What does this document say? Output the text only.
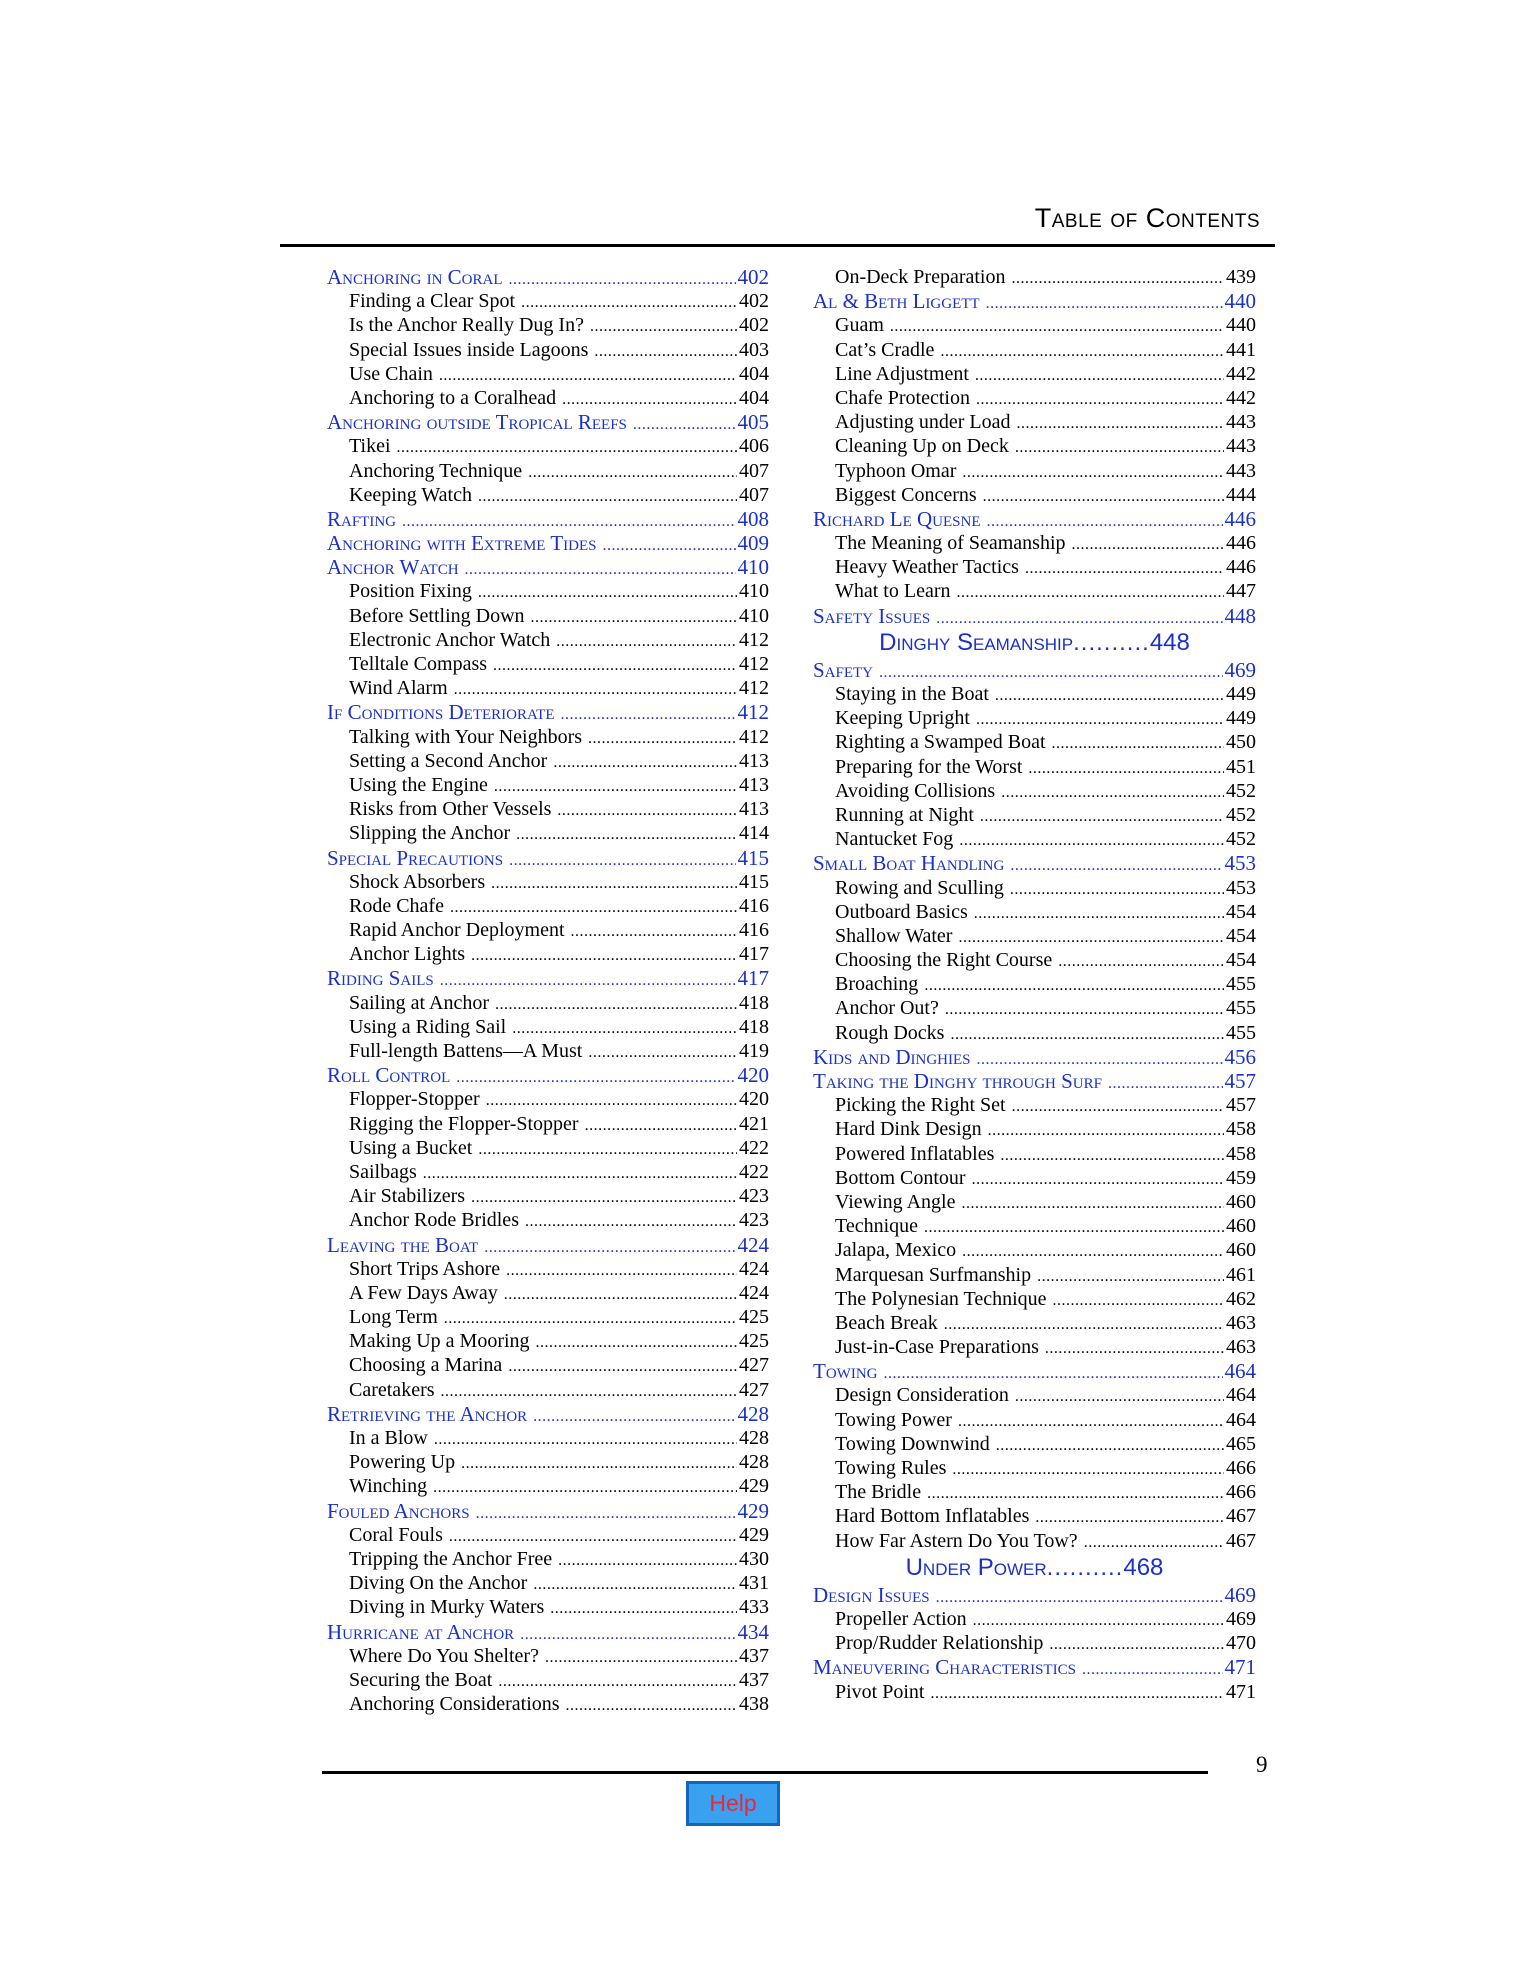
Table of Contents
Anchoring in Coral .....	402
Finding a Clear Spot .....	402
Is the Anchor Really Dug In? .....	402
Special Issues inside Lagoons .....	403
Use Chain .....	404
Anchoring to a Coralhead .....	404
Anchoring outside Tropical Reefs .....	405
Tikei .....	406
Anchoring Technique .....	407
Keeping Watch .....	407
Rafting .....	408
Anchoring with Extreme Tides .....	409
Anchor Watch .....	410
Position Fixing .....	410
Before Settling Down .....	410
Electronic Anchor Watch .....	412
Telltale Compass .....	412
Wind Alarm .....	412
If Conditions Deteriorate .....	412
Talking with Your Neighbors .....	412
Setting a Second Anchor .....	413
Using the Engine .....	413
Risks from Other Vessels .....	413
Slipping the Anchor .....	414
Special Precautions .....	415
Shock Absorbers .....	415
Rode Chafe .....	416
Rapid Anchor Deployment .....	416
Anchor Lights .....	417
Riding Sails .....	417
Sailing at Anchor .....	418
Using a Riding Sail .....	418
Full-length Battens—A Must .....	419
Roll Control .....	420
Flopper-Stopper .....	420
Rigging the Flopper-Stopper .....	421
Using a Bucket .....	422
Sailbags .....	422
Air Stabilizers .....	423
Anchor Rode Bridles .....	423
Leaving the Boat .....	424
Short Trips Ashore .....	424
A Few Days Away .....	424
Long Term .....	425
Making Up a Mooring .....	425
Choosing a Marina .....	427
Caretakers .....	427
Retrieving the Anchor .....	428
In a Blow .....	428
Powering Up .....	428
Winching .....	429
Fouled Anchors .....	429
Coral Fouls .....	429
Tripping the Anchor Free .....	430
Diving On the Anchor .....	431
Diving in Murky Waters .....	433
Hurricane at Anchor .....	434
Where Do You Shelter? .....	437
Securing the Boat .....	437
Anchoring Considerations .....	438
On-Deck Preparation .....	439
Al & Beth Liggett .....	440
Guam .....	440
Cat’s Cradle .....	441
Line Adjustment .....	442
Chafe Protection .....	442
Adjusting under Load .....	443
Cleaning Up on Deck .....	443
Typhoon Omar .....	443
Biggest Concerns .....	444
Richard Le Quesne .....	446
The Meaning of Seamanship .....	446
Heavy Weather Tactics .....	446
What to Learn .....	447
Safety Issues .....	448
Dinghy Seamanship .......... 448
Safety .....	469
Staying in the Boat .....	449
Keeping Upright .....	449
Righting a Swamped Boat .....	450
Preparing for the Worst .....	451
Avoiding Collisions .....	452
Running at Night .....	452
Nantucket Fog .....	452
Small Boat Handling .....	453
Rowing and Sculling .....	453
Outboard Basics .....	454
Shallow Water .....	454
Choosing the Right Course .....	454
Broaching .....	455
Anchor Out? .....	455
Rough Docks .....	455
Kids and Dinghies .....	456
Taking the Dinghy through Surf .....	457
Picking the Right Set .....	457
Hard Dink Design .....	458
Powered Inflatables .....	458
Bottom Contour .....	459
Viewing Angle .....	460
Technique .....	460
Jalapa, Mexico .....	460
Marquesan Surfmanship .....	461
The Polynesian Technique .....	462
Beach Break .....	463
Just-in-Case Preparations .....	463
Towing .....	464
Design Consideration .....	464
Towing Power .....	464
Towing Downwind .....	465
Towing Rules .....	466
The Bridle .....	466
Hard Bottom Inflatables .....	467
How Far Astern Do You Tow? .....	467
Under Power .......... 468
Design Issues .....	469
Propeller Action .....	469
Prop/Rudder Relationship .....	470
Maneuvering Characteristics .....	471
Pivot Point .....	471
9
Help
